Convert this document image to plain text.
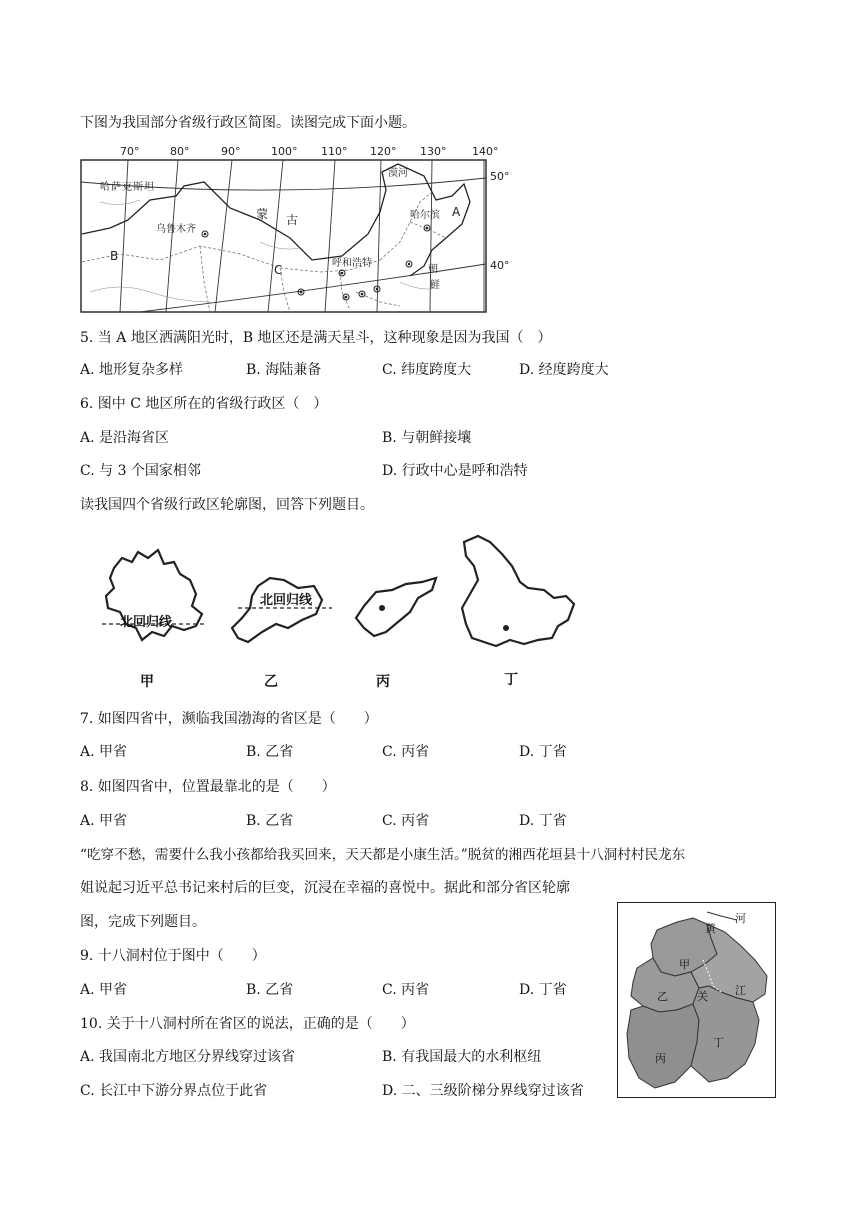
下图为我国部分省级行政区简图。读图完成下面小题。
70°	80°	90°	100° 110° 120° 130° 140°
50°
40°
哈萨克斯坦
乌鲁木齐
蒙 古
漠河
哈尔滨
呼和浩特
朝
鲜
A
B
C
5. 当 A 地区洒满阳光时，B 地区还是满天星斗，这种现象是因为我国（　）
A. 地形复杂多样	B. 海陆兼备	C. 纬度跨度大	D. 经度跨度大
6. 图中 C 地区所在的省级行政区（　）
A. 是沿海省区	B. 与朝鲜接壤
C. 与 3 个国家相邻	D. 行政中心是呼和浩特
读我国四个省级行政区轮廓图，回答下列题目。
北回归线
甲
北回归线
乙	丙	丁
7. 如图四省中，濒临我国渤海的省区是（　　）
A. 甲省	B. 乙省	C. 丙省	D. 丁省
8. 如图四省中，位置最靠北的是（　　）
A. 甲省	B. 乙省	C. 丙省	D. 丁省
“吃穿不愁，需要什么我小孩都给我买回来，天天都是小康生活。”脱贫的湘西花垣县十八洞村村民龙东
姐说起习近平总书记来村后的巨变，沉浸在幸福的喜悦中。据此和部分省区轮廓
图，完成下列题目。	河
黄
甲
乙	关 江
丙
丁
9. 十八洞村位于图中（　　）
A. 甲省	B. 乙省	C. 丙省	D. 丁省
10. 关于十八洞村所在省区的说法，正确的是（　　）
A. 我国南北方地区分界线穿过该省	B. 有我国最大的水利枢纽
C. 长江中下游分界点位于此省	D. 二、三级阶梯分界线穿过该省
